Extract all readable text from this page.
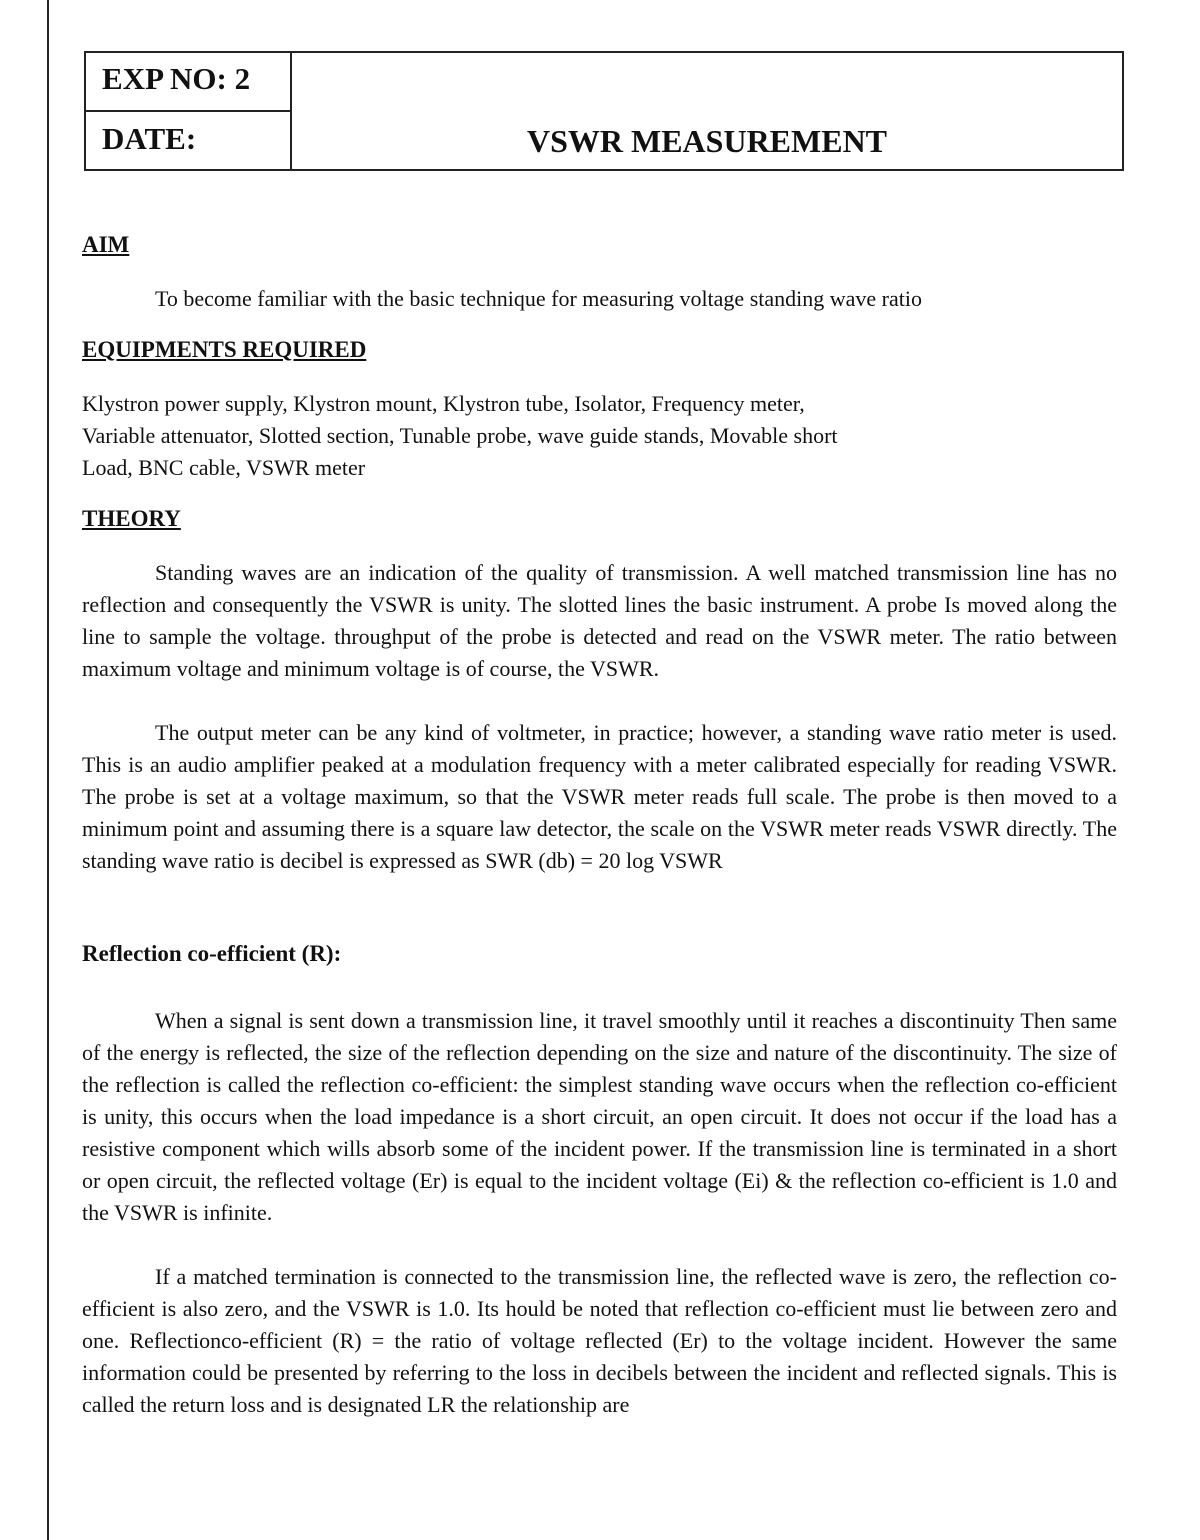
EXP NO: 2
DATE:	VSWR MEASUREMENT
AIM

To become familiar with the basic technique for measuring voltage standing wave ratio

EQUIPMENTS REQUIRED

Klystron power supply, Klystron mount, Klystron tube, Isolator, Frequency meter,
Variable attenuator, Slotted section, Tunable probe, wave guide stands, Movable short
Load, BNC cable, VSWR meter

THEORY

Standing waves are an indication of the quality of transmission. A well matched transmission line has no reflection and consequently the VSWR is unity. The slotted lines the basic instrument. A probe Is moved along the line to sample the voltage. throughput of the probe is detected and read on the VSWR meter. The ratio between maximum voltage and minimum voltage is of course, the VSWR.

The output meter can be any kind of voltmeter, in practice; however, a standing wave ratio meter is used. This is an audio amplifier peaked at a modulation frequency with a meter calibrated especially for reading VSWR. The probe is set at a voltage maximum, so that the VSWR meter reads full scale. The probe is then moved to a minimum point and assuming there is a square law detector, the scale on the VSWR meter reads VSWR directly. The standing wave ratio is decibel is expressed as SWR (db) = 20 log VSWR

Reflection co-efficient (R):

When a signal is sent down a transmission line, it travel smoothly until it reaches a discontinuity Then same of the energy is reflected, the size of the reflection depending on the size and nature of the discontinuity. The size of the reflection is called the reflection co-efficient: the simplest standing wave occurs when the reflection co-efficient is unity, this occurs when the load impedance is a short circuit, an open circuit. It does not occur if the load has a resistive component which wills absorb some of the incident power. If the transmission line is terminated in a short or open circuit, the reflected voltage (Er) is equal to the incident voltage (Ei) & the reflection co-efficient is 1.0 and the VSWR is infinite.

If a matched termination is connected to the transmission line, the reflected wave is zero, the reflection co-efficient is also zero, and the VSWR is 1.0. Its hould be noted that reflection co-efficient must lie between zero and one. Reflectionco-efficient (R) = the ratio of voltage reflected (Er) to the voltage incident. However the same information could be presented by referring to the loss in decibels between the incident and reflected signals. This is called the return loss and is designated LR the relationship are
